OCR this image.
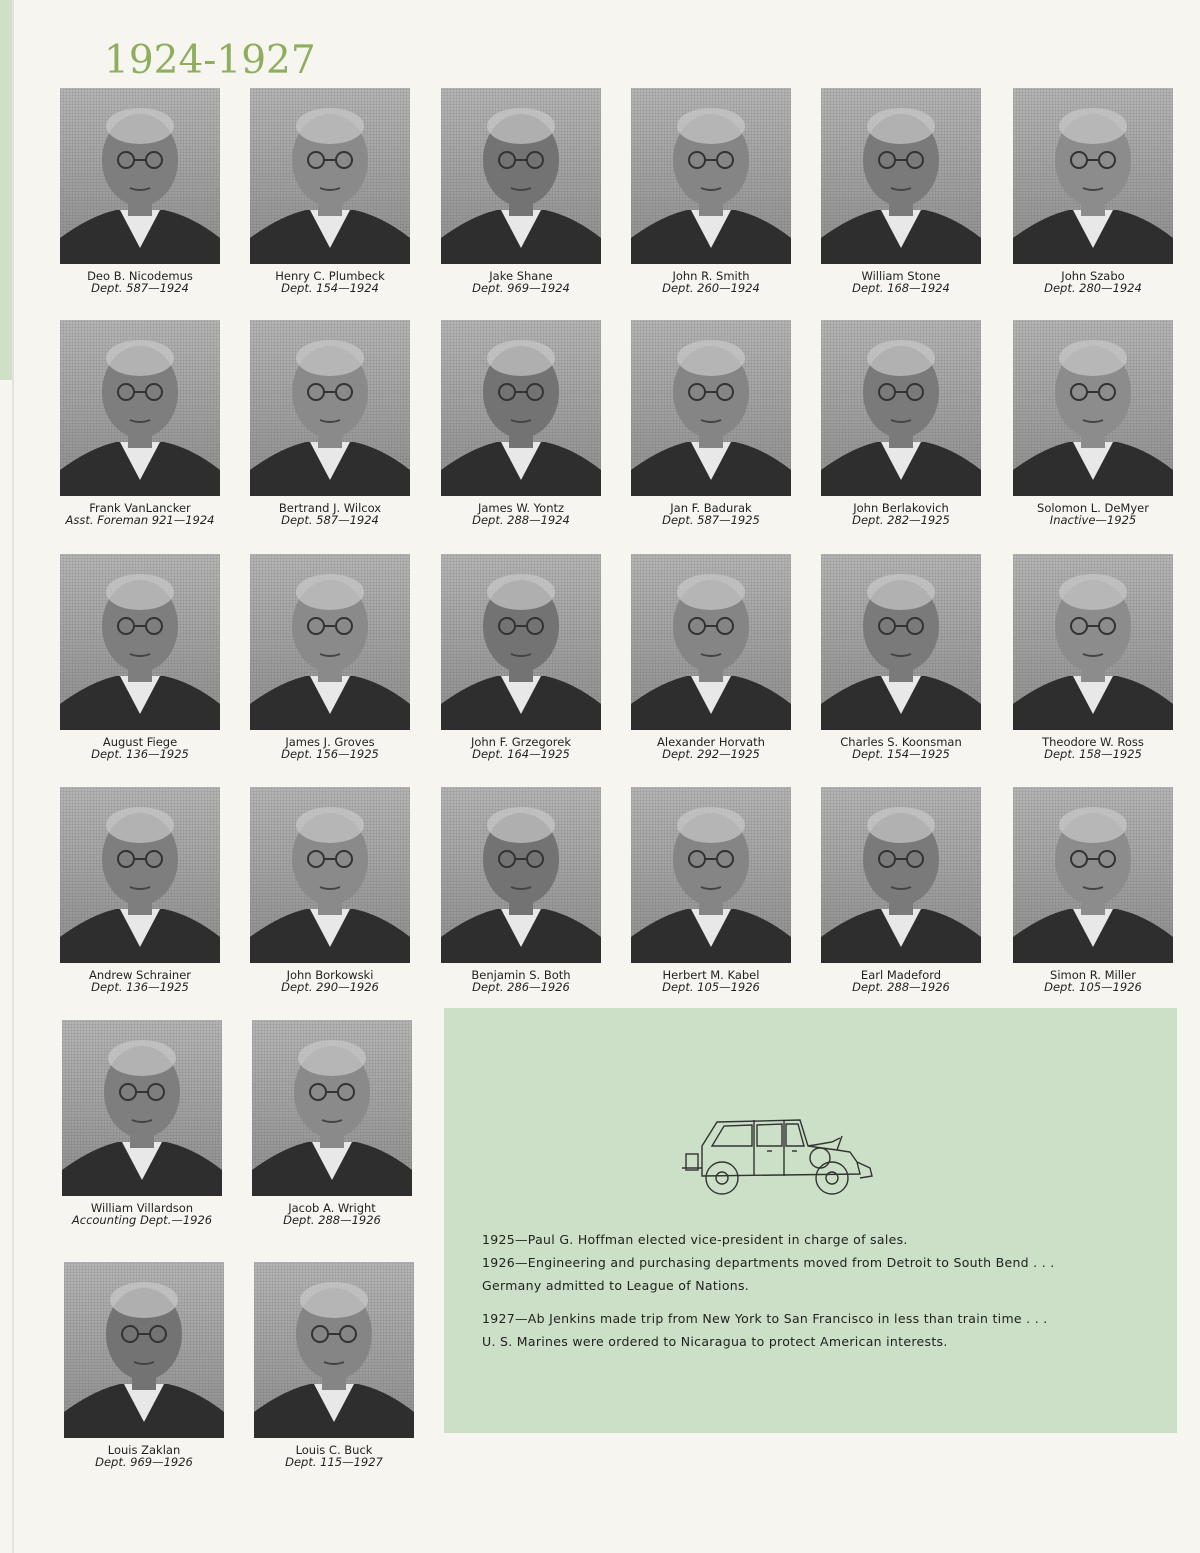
1924-1927
Deo B. Nicodemus
Dept. 587—1924
Henry C. Plumbeck
Dept. 154—1924
Jake Shane
Dept. 969—1924
John R. Smith
Dept. 260—1924
William Stone
Dept. 168—1924
John Szabo
Dept. 280—1924
Frank VanLancker
Asst. Foreman 921—1924
Bertrand J. Wilcox
Dept. 587—1924
James W. Yontz
Dept. 288—1924
Jan F. Badurak
Dept. 587—1925
John Berlakovich
Dept. 282—1925
Solomon L. DeMyer
Inactive—1925
August Fiege
Dept. 136—1925
James J. Groves
Dept. 156—1925
John F. Grzegorek
Dept. 164—1925
Alexander Horvath
Dept. 292—1925
Charles S. Koonsman
Dept. 154—1925
Theodore W. Ross
Dept. 158—1925
Andrew Schrainer
Dept. 136—1925
John Borkowski
Dept. 290—1926
Benjamin S. Both
Dept. 286—1926
Herbert M. Kabel
Dept. 105—1926
Earl Madeford
Dept. 288—1926
Simon R. Miller
Dept. 105—1926
William Villardson
Accounting Dept.—1926
Jacob A. Wright
Dept. 288—1926
Louis Zaklan
Dept. 969—1926
Louis C. Buck
Dept. 115—1927

1925—Paul G. Hoffman elected vice-president in charge of sales.

1926—Engineering and purchasing departments moved from Detroit to South Bend . . .

Germany admitted to League of Nations.

1927—Ab Jenkins made trip from New York to San Francisco in less than train time . . .

U. S. Marines were ordered to Nicaragua to protect American interests.
